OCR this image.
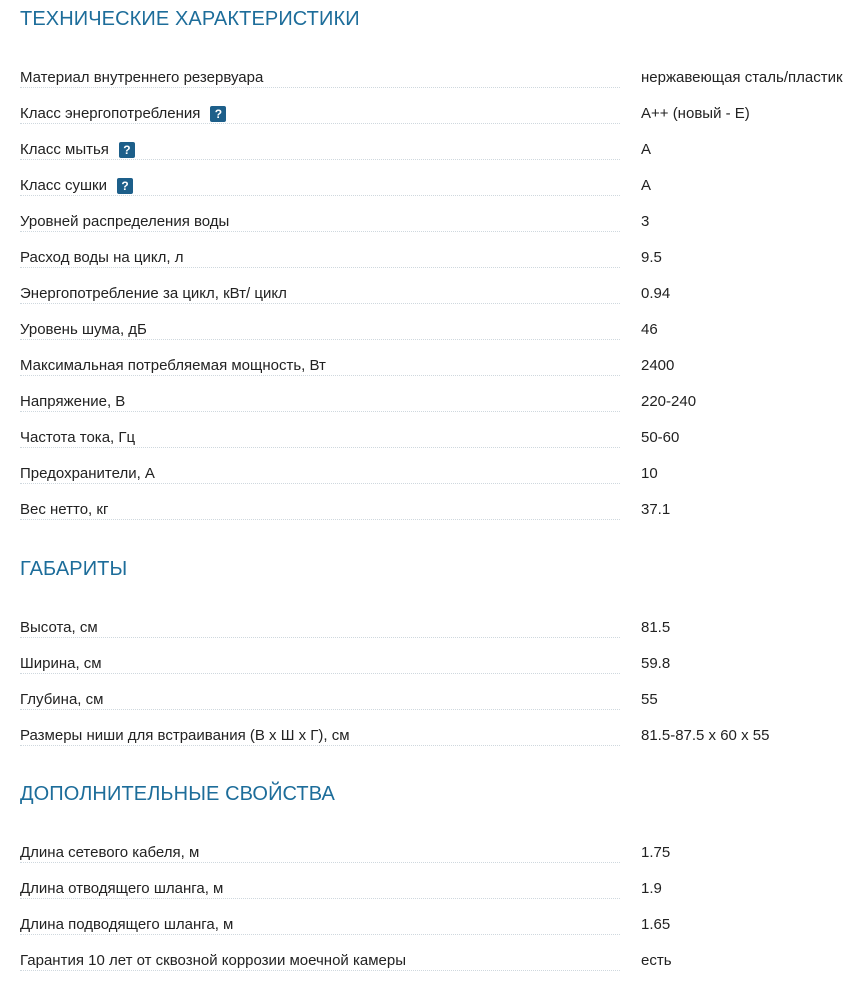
ТЕХНИЧЕСКИЕ ХАРАКТЕРИСТИКИ
Материал внутреннего резервуара	нержавеющая сталь/пластик
Класс энергопотребления	?	A++ (новый - E)
Класс мытья	?	A
Класс сушки	?	A
Уровней распределения воды	3
Расход воды на цикл, л	9.5
Энергопотребление за цикл, кВт/ цикл	0.94
Уровень шума, дБ	46
Максимальная потребляемая мощность, Вт	2400
Напряжение, В	220-240
Частота тока, Гц	50-60
Предохранители, А	10
Вес нетто, кг	37.1
ГАБАРИТЫ
Высота, см	81.5
Ширина, см	59.8
Глубина, см	55
Размеры ниши для встраивания (В х Ш х Г), см	81.5-87.5 x 60 x 55
ДОПОЛНИТЕЛЬНЫЕ СВОЙСТВА
Длина сетевого кабеля, м	1.75
Длина отводящего шланга, м	1.9
Длина подводящего шланга, м	1.65
Гарантия 10 лет от сквозной коррозии моечной камеры	есть
